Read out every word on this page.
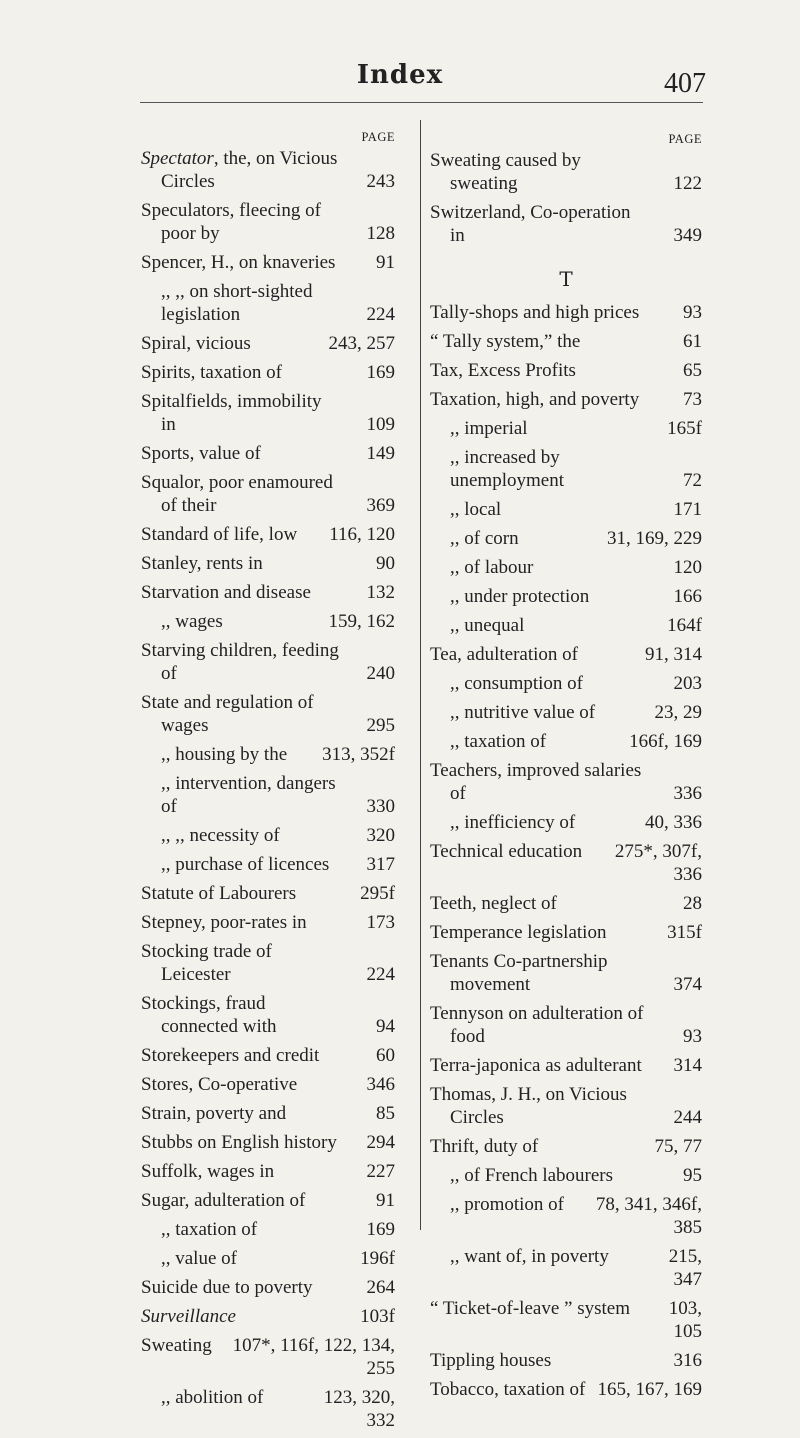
Index	407
PAGE
Spectator, the, on Vicious Circles	243
Speculators, fleecing of poor by	128
Spencer, H., on knaveries	91
,, ,, on short-sighted legislation	224
Spiral, vicious	243, 257
Spirits, taxation of	169
Spitalfields, immobility in	109
Sports, value of	149
Squalor, poor enamoured of their	369
Standard of life, low	116, 120
Stanley, rents in	90
Starvation and disease	132
,, wages	159, 162
Starving children, feeding of	240
State and regulation of wages	295
,, housing by the	313, 352f
,, intervention, dangers of	330
,, ,, necessity of	320
,, purchase of licences	317
Statute of Labourers	295f
Stepney, poor-rates in	173
Stocking trade of Leicester	224
Stockings, fraud connected with	94
Storekeepers and credit	60
Stores, Co-operative	346
Strain, poverty and	85
Stubbs on English history	294
Suffolk, wages in	227
Sugar, adulteration of	91
,, taxation of	169
,, value of	196f
Suicide due to poverty	264
Surveillance	103f
Sweating	107*, 116f, 122, 134,
255
,, abolition of	123, 320,
332
PAGE
Sweating caused by sweating	122
Switzerland, Co-operation in	349
T
Tally-shops and high prices	93
“ Tally system,” the	61
Tax, Excess Profits	65
Taxation, high, and poverty	73
,, imperial	165f
,, increased by unemployment	72
,, local	171
,, of corn	31, 169, 229
,, of labour	120
,, under protection	166
,, unequal	164f
Tea, adulteration of	91, 314
,, consumption of	203
,, nutritive value of	23, 29
,, taxation of	166f, 169
Teachers, improved salaries of	336
,, inefficiency of	40, 336
Technical education	275*, 307f,
336
Teeth, neglect of	28
Temperance legislation	315f
Tenants Co-partnership movement	374
Tennyson on adulteration of food	93
Terra-japonica as adulterant	314
Thomas, J. H., on Vicious Circles	244
Thrift, duty of	75, 77
,, of French labourers	95
,, promotion of	78, 341, 346f,
385
,, want of, in poverty	215,
347
“ Ticket-of-leave ” system	103,
105
Tippling houses	316
Tobacco, taxation of 165, 167, 169
